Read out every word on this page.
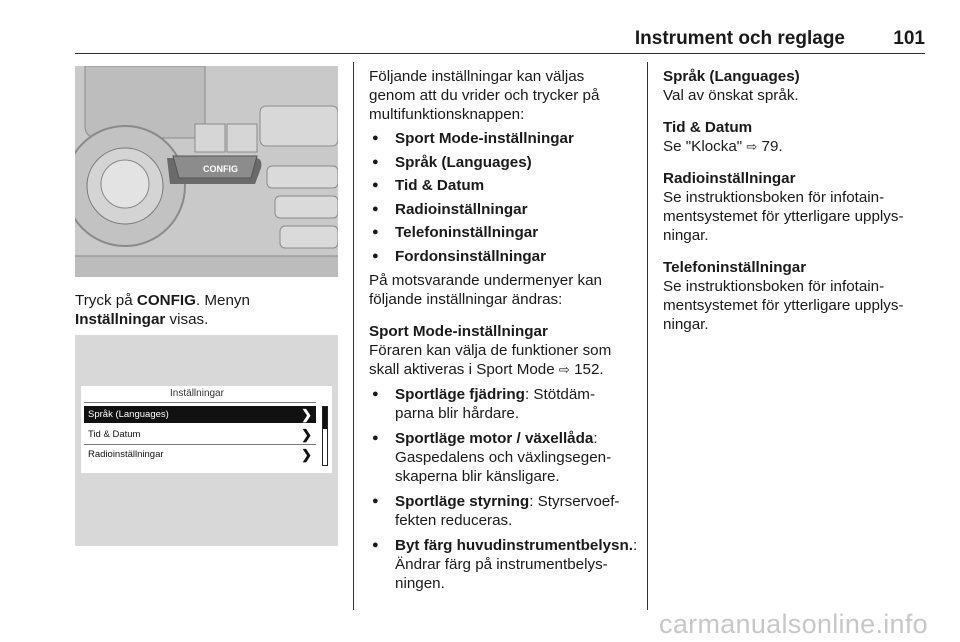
Instrument och reglage	101
CONFIG

Tryck på CONFIG. Menyn
Inställningar visas.

Inställningar
Språk (Languages)	❯
Tid & Datum	❯
Radioinställningar	❯

Följande inställningar kan väljas
genom att du vrider och trycker på
multifunktionsknappen:

● Sport Mode-inställningar
● Språk (Languages)
● Tid & Datum
● Radioinställningar
● Telefoninställningar
● Fordonsinställningar

På motsvarande undermenyer kan
följande inställningar ändras:

Sport Mode-inställningar
Föraren kan välja de funktioner som
skall aktiveras i Sport Mode ⇨ 152.

● Sportläge fjädring: Stötdäm-
parna blir hårdare.
● Sportläge motor / växellåda:
Gaspedalens och växlingsegen-
skaperna blir känsligare.
● Sportläge styrning: Styrservoef-
fekten reduceras.
● Byt färg huvudinstrumentbelysn.:
Ändrar färg på instrumentbelys-
ningen.

Språk (Languages)
Val av önskat språk.

Tid & Datum
Se "Klocka" ⇨ 79.

Radioinställningar
Se instruktionsboken för infotain-
mentsystemet för ytterligare upplys-
ningar.

Telefoninställningar
Se instruktionsboken för infotain-
mentsystemet för ytterligare upplys-
ningar.

carmanualsonline.info
